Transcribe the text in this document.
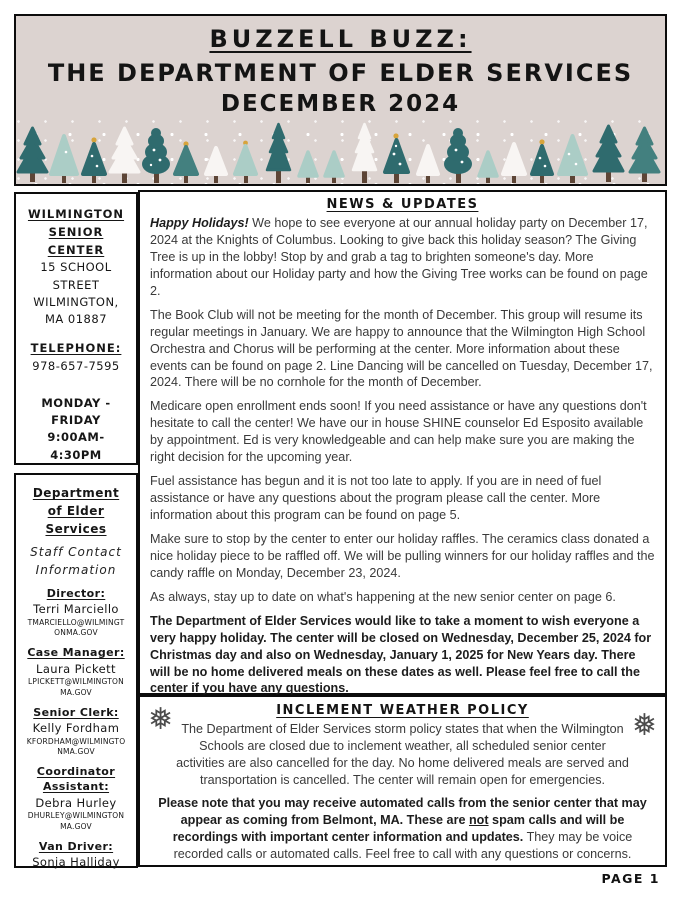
BUZZELL BUZZ:
THE DEPARTMENT OF ELDER SERVICES
DECEMBER 2024
WILMINGTON
SENIOR CENTER
15 SCHOOL STREET
WILMINGTON,
MA 01887
TELEPHONE:
978-657-7595
MONDAY - FRIDAY
9:00AM- 4:30PM
Department
of Elder Services
Staff Contact
Information
Director:
Terri Marciello
TMARCIELLO@WILMINGTONMA.GOV
Case Manager:
Laura Pickett
LPICKETT@WILMINGTONMA.GOV
Senior Clerk:
Kelly Fordham
KFORDHAM@WILMINGTONMA.GOV
Coordinator Assistant:
Debra Hurley
DHURLEY@WILMINGTONMA.GOV
Van Driver:
Sonja Halliday
NEWS & UPDATES

Happy Holidays! We hope to see everyone at our annual holiday party on December 17, 2024 at the Knights of Columbus. Looking to give back this holiday season? The Giving Tree is up in the lobby! Stop by and grab a tag to brighten someone's day. More information about our Holiday party and how the Giving Tree works can be found on page 2.

The Book Club will not be meeting for the month of December. This group will resume its regular meetings in January. We are happy to announce that the Wilmington High School Orchestra and Chorus will be performing at the center. More information about these events can be found on page 2. Line Dancing will be cancelled on Tuesday, December 17, 2024. There will be no cornhole for the month of December.

Medicare open enrollment ends soon! If you need assistance or have any questions don't hesitate to call the center! We have our in house SHINE counselor Ed Esposito available by appointment. Ed is very knowledgeable and can help make sure you are making the right decision for the upcoming year.

Fuel assistance has begun and it is not too late to apply. If you are in need of fuel assistance or have any questions about the program please call the center. More information about this program can be found on page 5.

Make sure to stop by the center to enter our holiday raffles. The ceramics class donated a nice holiday piece to be raffled off. We will be pulling winners for our holiday raffles and the candy raffle on Monday, December 23, 2024.

As always, stay up to date on what's happening at the new senior center on page 6.

The Department of Elder Services would like to take a moment to wish everyone a very happy holiday. The center will be closed on Wednesday, December 25, 2024 for Christmas day and also on Wednesday, January 1, 2025 for New Years day. There will be no home delivered meals on these dates as well. Please feel free to call the center if you have any questions.

❅	❅
INCLEMENT WEATHER POLICY

The Department of Elder Services storm policy states that when the Wilmington Schools are closed due to inclement weather, all scheduled senior center activities are also cancelled for the day. No home delivered meals are served and transportation is cancelled. The center will remain open for emergencies.

Please note that you may receive automated calls from the senior center that may appear as coming from Belmont, MA. These are not spam calls and will be recordings with important center information and updates. They may be voice recorded calls or automated calls. Feel free to call with any questions or concerns.

PAGE 1
